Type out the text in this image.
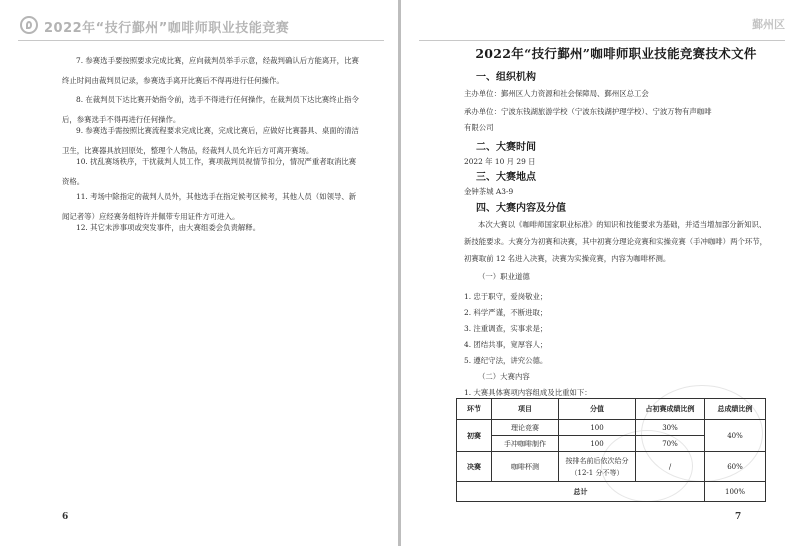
2022年“技行鄞州”咖啡师职业技能竞赛
7. 参赛选手要按照要求完成比赛，应向裁判员举手示意，经裁判确认后方能离开，比赛终止时间由裁判员记录，参赛选手离开比赛后不得再进行任何操作。
8. 在裁判员下达比赛开始指令前，选手不得进行任何操作，在裁判员下达比赛终止指令后，参赛选手不得再进行任何操作。
9. 参赛选手需按照比赛流程要求完成比赛，完成比赛后，应做好比赛器具、桌面的清洁卫生，比赛器具放回原处，整理个人物品，经裁判人员允许后方可离开赛场。
10. 扰乱赛场秩序，干扰裁判人员工作，赛项裁判员视情节扣分，情况严重者取消比赛资格。
11. 考场中除指定的裁判人员外，其他选手在指定候考区候考，其他人员（如领导、新闻记者等）应经赛务组特许并佩带专用证件方可进入。
12. 其它未涉事项或突发事件，由大赛组委会负责解释。
6
鄞州区
2022年“技行鄞州”咖啡师职业技能竞赛技术文件
一、组织机构
主办单位：鄞州区人力资源和社会保障局、鄞州区总工会
承办单位：宁波东钱湖旅游学校（宁波东钱湖护理学校）、宁波万物有声咖啡
有限公司
二、大赛时间
2022 年 10 月 29 日
三、大赛地点
金钟茶城 A3-9
四、大赛内容及分值
本次大赛以《咖啡师国家职业标准》的知识和技能要求为基础，并适当增加部分新知识、新技能要求。大赛分为初赛和决赛，其中初赛分理论竞赛和实操竞赛（手冲咖啡）两个环节，初赛取前 12 名进入决赛，决赛为实操竞赛，内容为咖啡杯测。
（一）职业道德
1. 忠于职守，爱岗敬业；
2. 科学严谨，不断进取；
3. 注重调查，实事求是；
4. 团结共事，宽厚容人；
5. 遵纪守法，讲究公德。
（二）大赛内容
1. 大赛具体赛项内容组成及比重如下：
环节	项目	分值	占初赛成绩比例	总成绩比例
初赛	理论竞赛	100	30%	40%
	手冲咖啡制作	100	70%	
决赛	咖啡杯测	按排名前后依次给分（12-1 分不等）	/	60%
总计				100%
7
